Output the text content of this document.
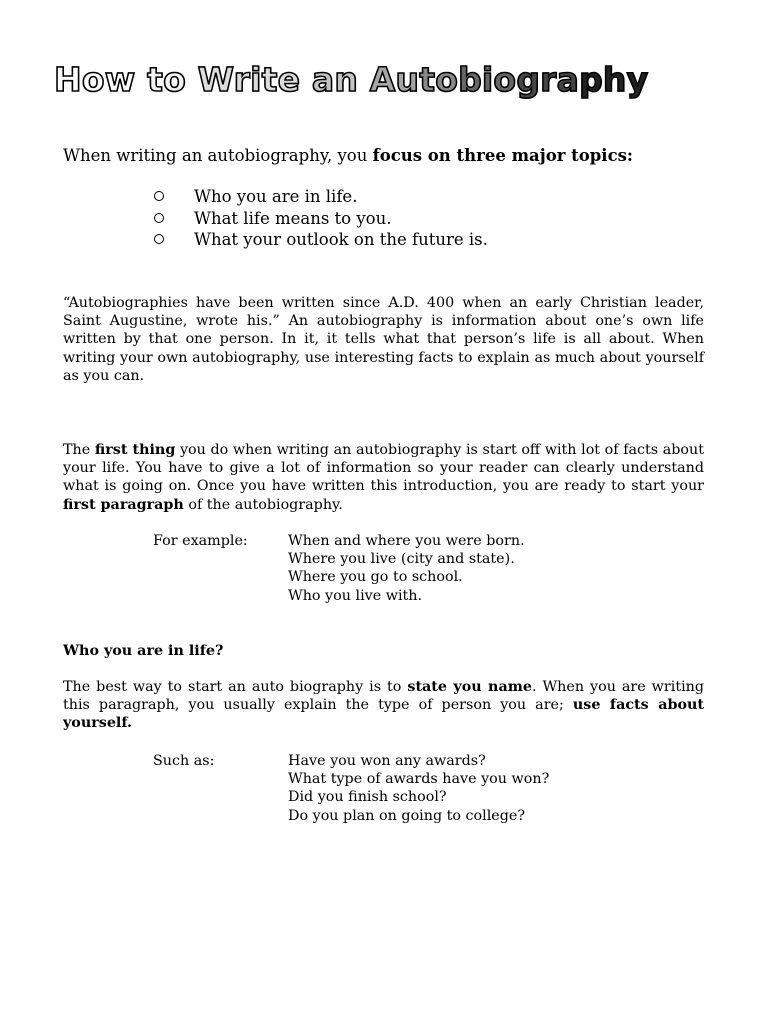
How to Write an Autobiography

When writing an autobiography, you focus on three major topics:

Who you are in life.
What life means to you.
What your outlook on the future is.

“Autobiographies have been written since A.D. 400 when an early Christian leader, Saint Augustine, wrote his.” An autobiography is information about one’s own life written by that one person. In it, it tells what that person’s life is all about. When writing your own autobiography, use interesting facts to explain as much about yourself as you can.

The first thing you do when writing an autobiography is start off with lot of facts about your life. You have to give a lot of information so your reader can clearly understand what is going on. Once you have written this introduction, you are ready to start your first paragraph of the autobiography.

For example:	When and where you were born.
Where you live (city and state).
Where you go to school.
Who you live with.
Who you are in life?

The best way to start an auto biography is to state you name. When you are writing this paragraph, you usually explain the type of person you are; use facts about yourself.

Such as:	Have you won any awards?
What type of awards have you won?
Did you finish school?
Do you plan on going to college?
